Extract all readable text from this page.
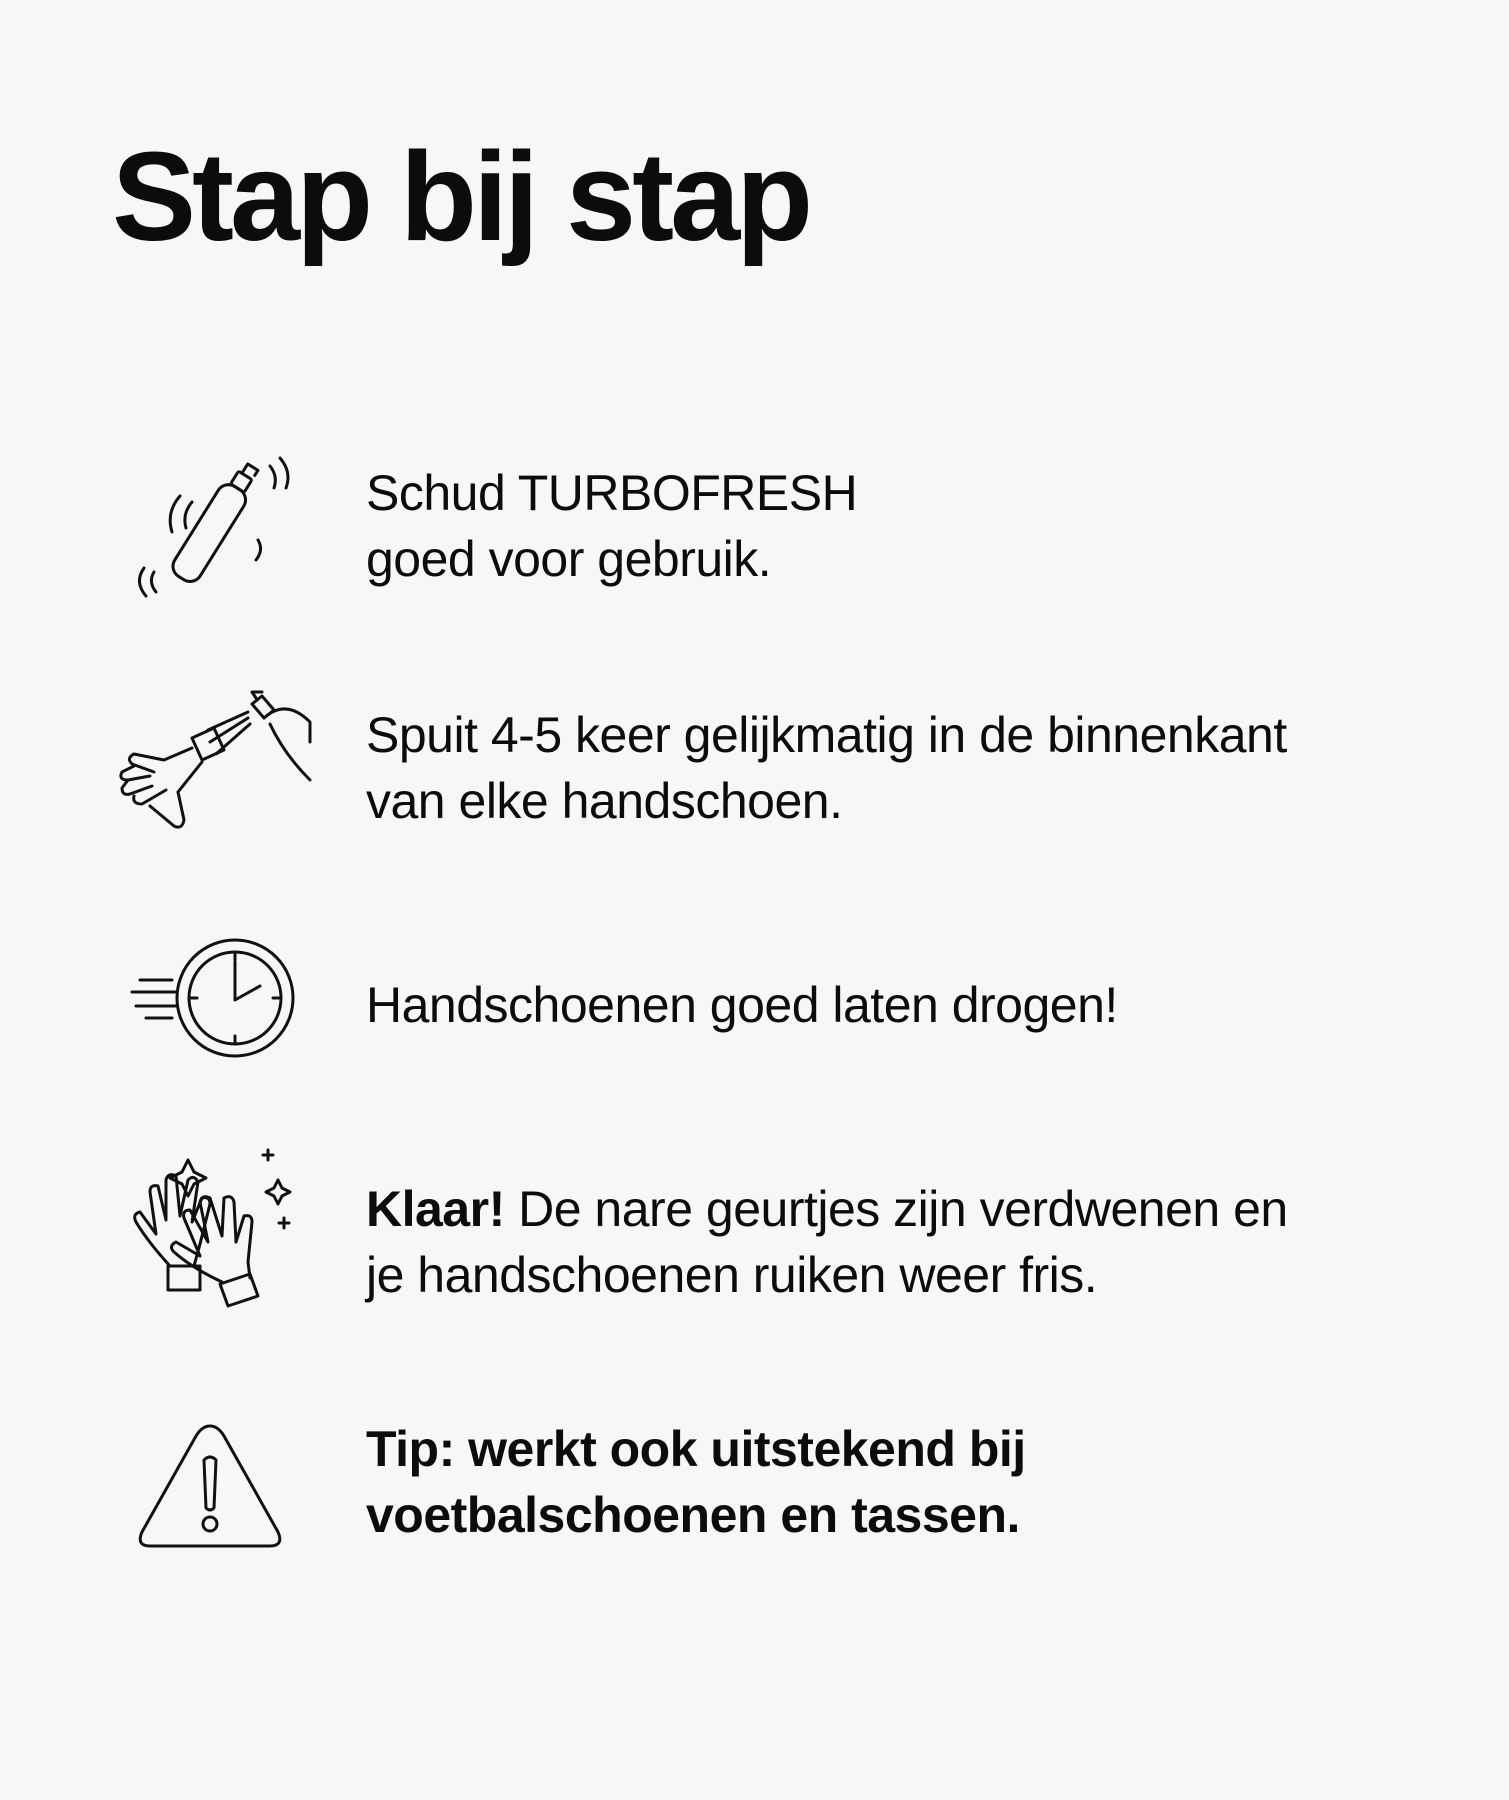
Stap bij stap
Schud TURBOFRESH
goed voor gebruik.
Spuit 4-5 keer gelijkmatig in de binnenkant
van elke handschoen.
Handschoenen goed laten drogen!
Klaar! De nare geurtjes zijn verdwenen en
je handschoenen ruiken weer fris.
Tip: werkt ook uitstekend bij
voetbalschoenen en tassen.
